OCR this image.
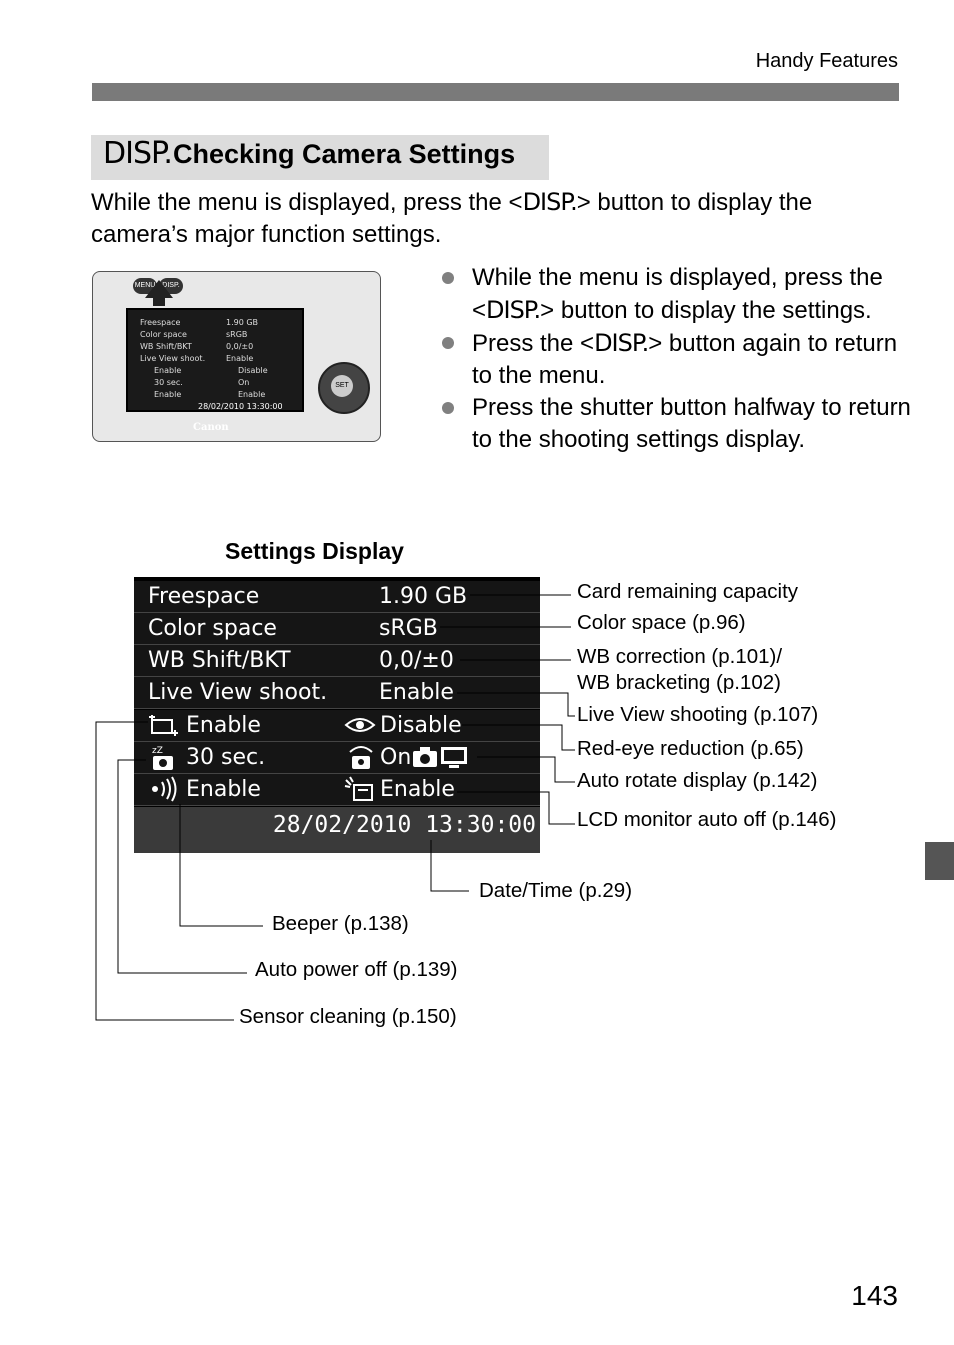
Handy Features
DISP. Checking Camera Settings
While the menu is displayed, press the <DISP.> button to display the camera’s major function settings.
MENU DISP.
Freespace	1.90 GB
Color space	sRGB
WB Shift/BKT	0,0/±0
Live View shoot.	Enable
Enable	Disable
30 sec.	On
Enable	Enable
28/02/2010 13:30:00
Canon
SET
While the menu is displayed, press the <DISP.> button to display the settings.
Press the <DISP.> button again to return to the menu.
Press the shutter button halfway to return to the shooting settings display.
Settings Display
Freespace	1.90 GB
Color space	sRGB
WB Shift/BKT	0,0/±0
Live View shoot. Enable
Enable	Disable
zZ 30 sec.	On
Enable	Enable
28/02/2010 13:30:00
Card remaining capacity
Color space (p.96)
WB correction (p.101)/
WB bracketing (p.102)
Live View shooting (p.107)
Red-eye reduction (p.65)
Auto rotate display (p.142)
LCD monitor auto off (p.146)
Date/Time (p.29)
Beeper (p.138)
Auto power off (p.139)
Sensor cleaning (p.150)
143
